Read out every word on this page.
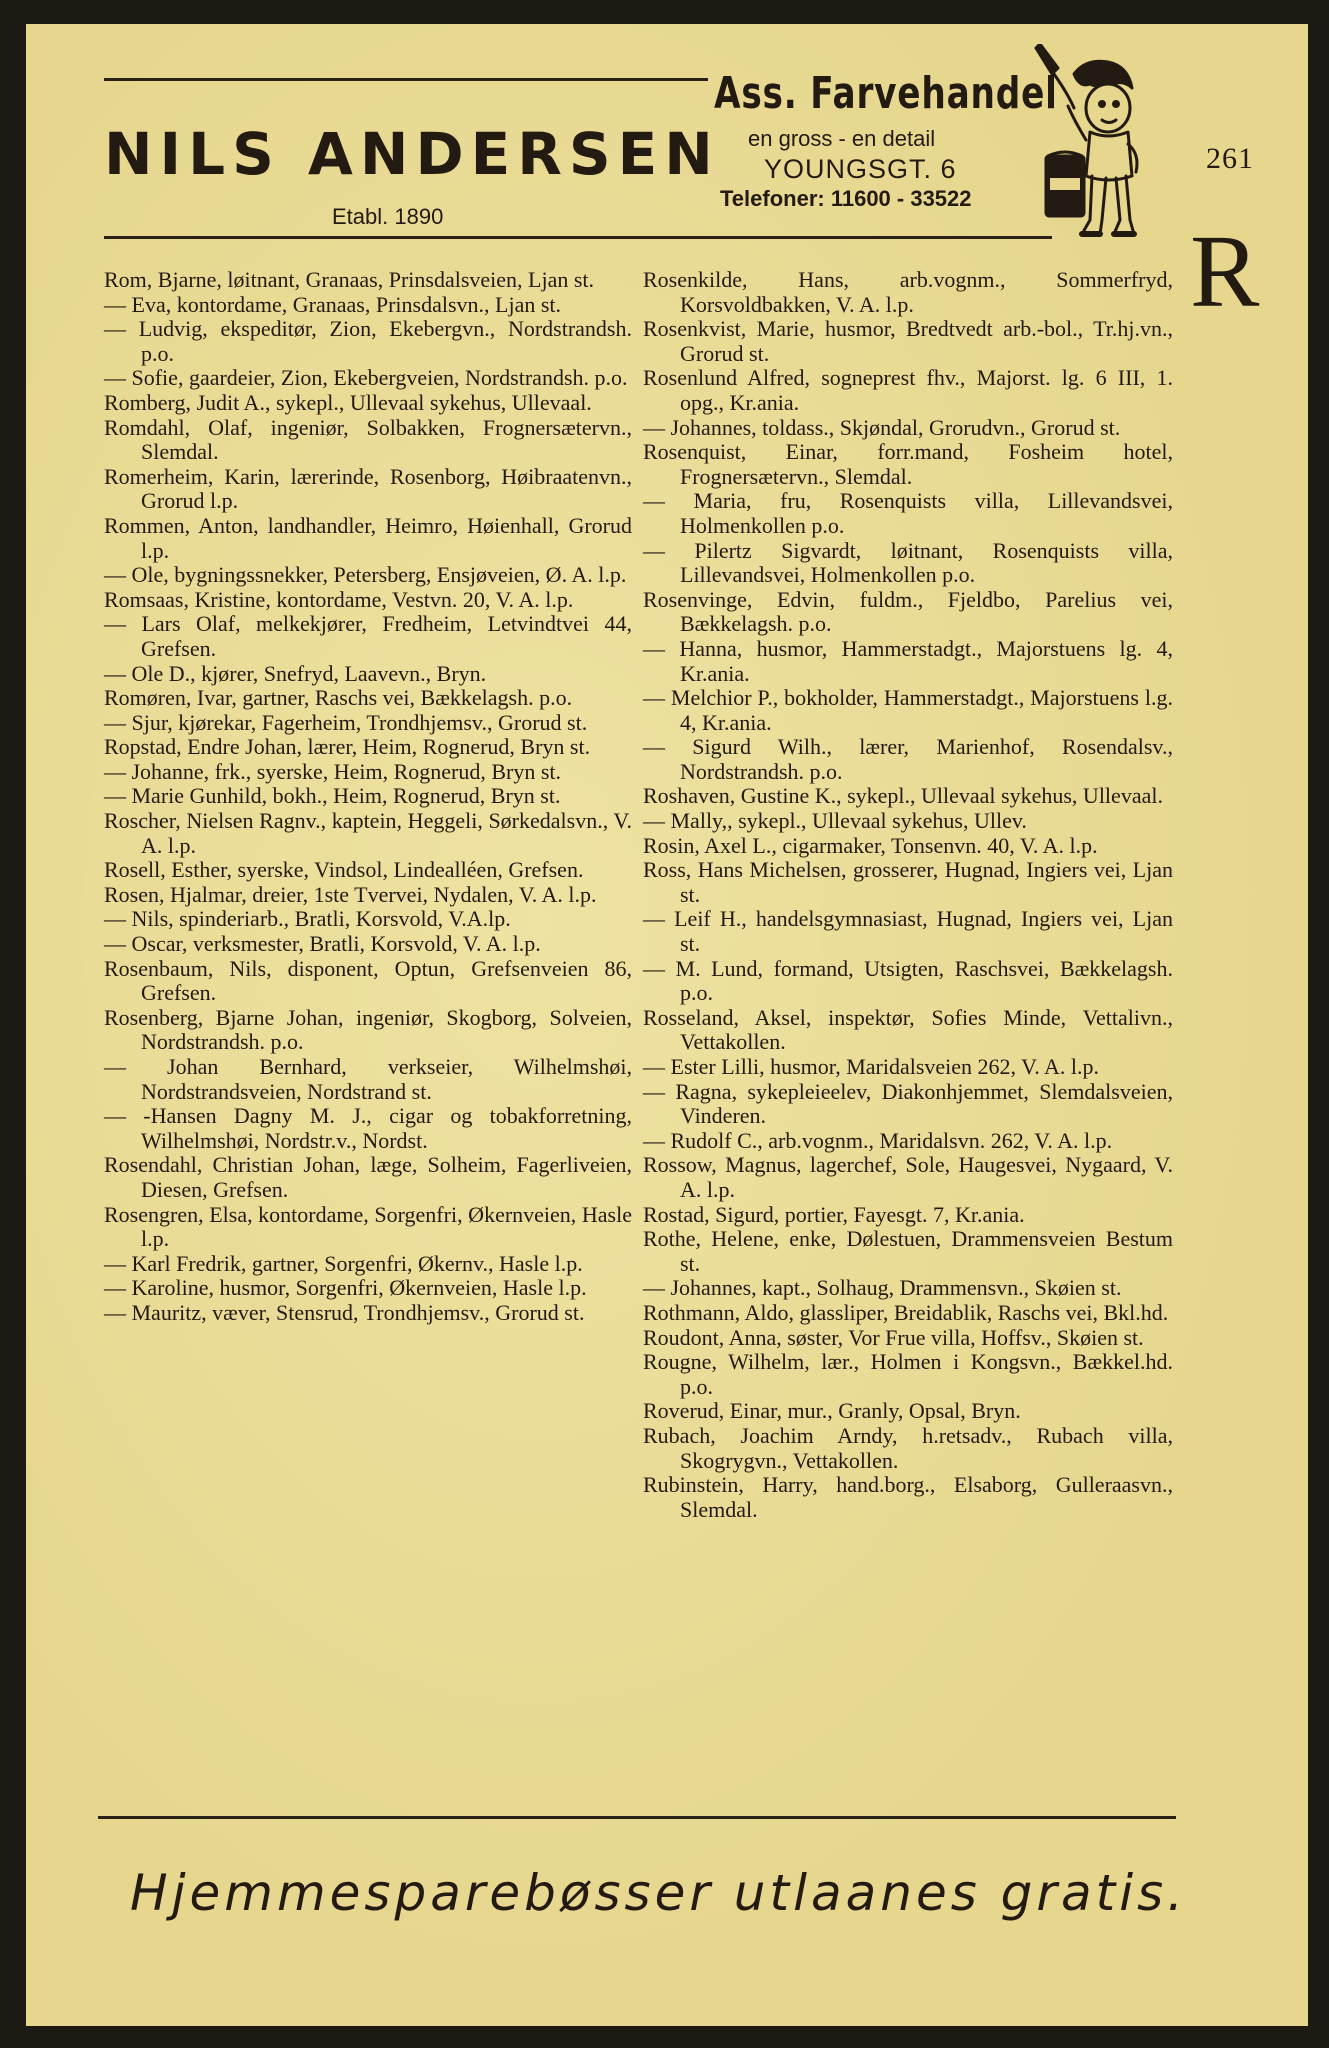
NILS ANDERSEN
Etabl. 1890
Ass. Farvehandel
en gross - en detail
YOUNGSGT. 6
Telefoner: 11600 - 33522
261
R
Rom, Bjarne, løitnant, Granaas, Prinsdalsveien, Ljan st.
— Eva, kontordame, Granaas, Prinsdalsvn., Ljan st.
— Ludvig, ekspeditør, Zion, Ekebergvn., Nordstrandsh. p.o.
— Sofie, gaardeier, Zion, Ekebergveien, Nordstrandsh. p.o.
Romberg, Judit A., sykepl., Ullevaal sykehus, Ullevaal.
Romdahl, Olaf, ingeniør, Solbakken, Frognersætervn., Slemdal.
Romerheim, Karin, lærerinde, Rosenborg, Høibraatenvn., Grorud l.p.
Rommen, Anton, landhandler, Heimro, Høienhall, Grorud l.p.
— Ole, bygningssnekker, Petersberg, Ensjøveien, Ø. A. l.p.
Romsaas, Kristine, kontordame, Vestvn. 20, V. A. l.p.
— Lars Olaf, melkekjører, Fredheim, Letvindtvei 44, Grefsen.
— Ole D., kjører, Snefryd, Laavevn., Bryn.
Romøren, Ivar, gartner, Raschs vei, Bækkelagsh. p.o.
— Sjur, kjørekar, Fagerheim, Trondhjemsv., Grorud st.
Ropstad, Endre Johan, lærer, Heim, Rognerud, Bryn st.
— Johanne, frk., syerske, Heim, Rognerud, Bryn st.
— Marie Gunhild, bokh., Heim, Rognerud, Bryn st.
Roscher, Nielsen Ragnv., kaptein, Heggeli, Sørkedalsvn., V. A. l.p.
Rosell, Esther, syerske, Vindsol, Lindealléen, Grefsen.
Rosen, Hjalmar, dreier, 1ste Tvervei, Nydalen, V. A. l.p.
— Nils, spinderiarb., Bratli, Korsvold, V.A.lp.
— Oscar, verksmester, Bratli, Korsvold, V. A. l.p.
Rosenbaum, Nils, disponent, Optun, Grefsenveien 86, Grefsen.
Rosenberg, Bjarne Johan, ingeniør, Skogborg, Solveien, Nordstrandsh. p.o.
— Johan Bernhard, verkseier, Wilhelmshøi, Nordstrandsveien, Nordstrand st.
— -Hansen Dagny M. J., cigar og tobakforretning, Wilhelmshøi, Nordstr.v., Nordst.
Rosendahl, Christian Johan, læge, Solheim, Fagerliveien, Diesen, Grefsen.
Rosengren, Elsa, kontordame, Sorgenfri, Økernveien, Hasle l.p.
— Karl Fredrik, gartner, Sorgenfri, Økernv., Hasle l.p.
— Karoline, husmor, Sorgenfri, Økernveien, Hasle l.p.
— Mauritz, væver, Stensrud, Trondhjemsv., Grorud st.
Rosenkilde, Hans, arb.vognm., Sommerfryd, Korsvoldbakken, V. A. l.p.
Rosenkvist, Marie, husmor, Bredtvedt arb.-bol., Tr.hj.vn., Grorud st.
Rosenlund Alfred, sogneprest fhv., Majorst. lg. 6 III, 1. opg., Kr.ania.
— Johannes, toldass., Skjøndal, Grorudvn., Grorud st.
Rosenquist, Einar, forr.mand, Fosheim hotel, Frognersætervn., Slemdal.
— Maria, fru, Rosenquists villa, Lillevandsvei, Holmenkollen p.o.
— Pilertz Sigvardt, løitnant, Rosenquists villa, Lillevandsvei, Holmenkollen p.o.
Rosenvinge, Edvin, fuldm., Fjeldbo, Parelius vei, Bækkelagsh. p.o.
— Hanna, husmor, Hammerstadgt., Majorstuens lg. 4, Kr.ania.
— Melchior P., bokholder, Hammerstadgt., Majorstuens l.g. 4, Kr.ania.
— Sigurd Wilh., lærer, Marienhof, Rosendalsv., Nordstrandsh. p.o.
Roshaven, Gustine K., sykepl., Ullevaal sykehus, Ullevaal.
— Mally,, sykepl., Ullevaal sykehus, Ullev.
Rosin, Axel L., cigarmaker, Tonsenvn. 40, V. A. l.p.
Ross, Hans Michelsen, grosserer, Hugnad, Ingiers vei, Ljan st.
— Leif H., handelsgymnasiast, Hugnad, Ingiers vei, Ljan st.
— M. Lund, formand, Utsigten, Raschsvei, Bækkelagsh. p.o.
Rosseland, Aksel, inspektør, Sofies Minde, Vettalivn., Vettakollen.
— Ester Lilli, husmor, Maridalsveien 262, V. A. l.p.
— Ragna, sykepleieelev, Diakonhjemmet, Slemdalsveien, Vinderen.
— Rudolf C., arb.vognm., Maridalsvn. 262, V. A. l.p.
Rossow, Magnus, lagerchef, Sole, Haugesvei, Nygaard, V. A. l.p.
Rostad, Sigurd, portier, Fayesgt. 7, Kr.ania.
Rothe, Helene, enke, Dølestuen, Drammensveien Bestum st.
— Johannes, kapt., Solhaug, Drammensvn., Skøien st.
Rothmann, Aldo, glassliper, Breidablik, Raschs vei, Bkl.hd.
Roudont, Anna, søster, Vor Frue villa, Hoffsv., Skøien st.
Rougne, Wilhelm, lær., Holmen i Kongsvn., Bækkel.hd. p.o.
Roverud, Einar, mur., Granly, Opsal, Bryn.
Rubach, Joachim Arndy, h.retsadv., Rubach villa, Skogrygvn., Vettakollen.
Rubinstein, Harry, hand.borg., Elsaborg, Gulleraasvn., Slemdal.
Hjemmesparebøsser utlaanes gratis.
